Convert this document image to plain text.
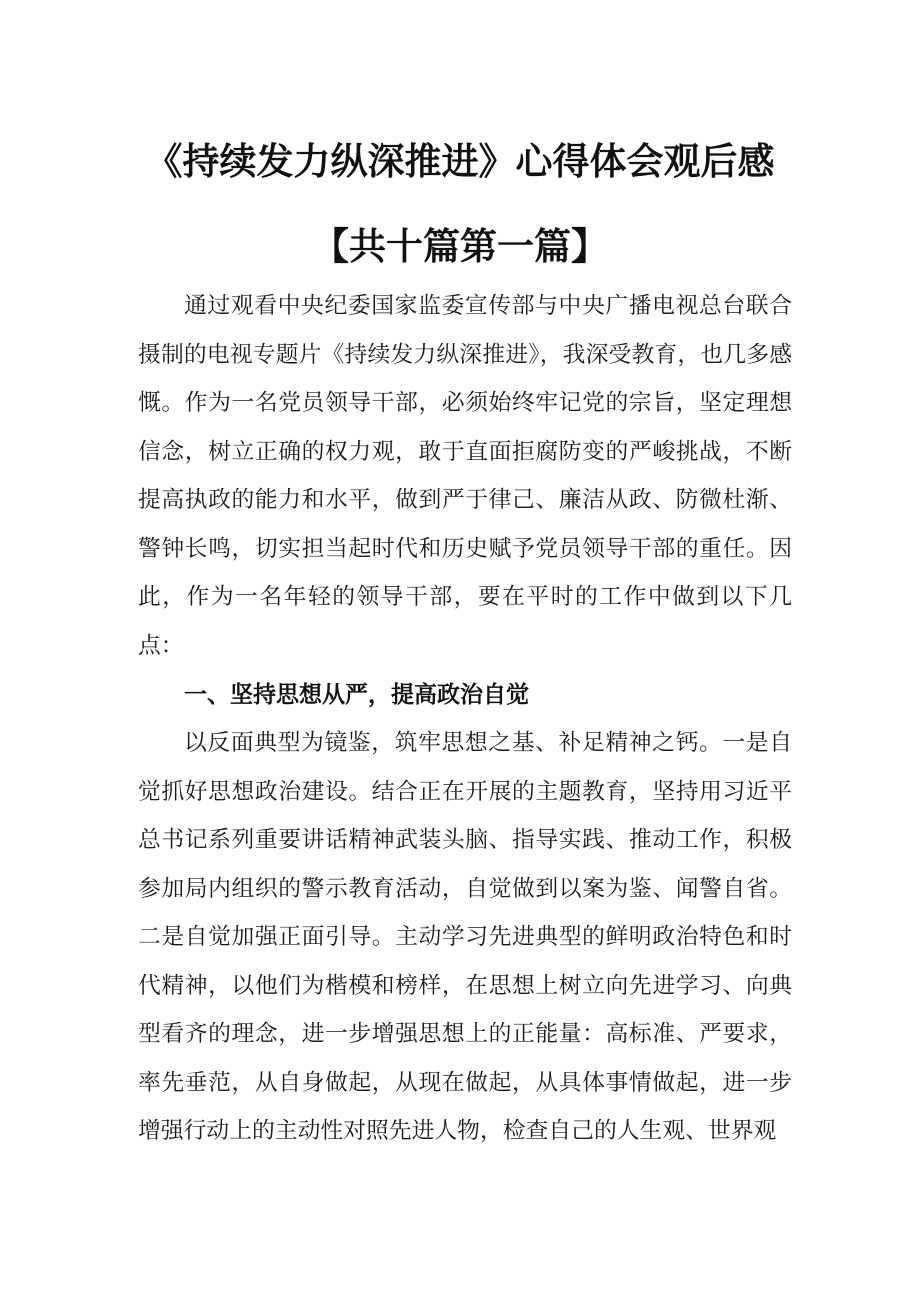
《持续发力纵深推进》心得体会观后感
【共十篇第一篇】

通过观看中央纪委国家监委宣传部与中央广播电视总台联合摄制的电视专题片《持续发力纵深推进》，我深受教育，也几多感慨。作为一名党员领导干部，必须始终牢记党的宗旨，坚定理想信念，树立正确的权力观，敢于直面拒腐防变的严峻挑战，不断提高执政的能力和水平，做到严于律己、廉洁从政、防微杜渐、警钟长鸣，切实担当起时代和历史赋予党员领导干部的重任。因此，作为一名年轻的领导干部，要在平时的工作中做到以下几点：

一、坚持思想从严，提高政治自觉

以反面典型为镜鉴，筑牢思想之基、补足精神之钙。一是自觉抓好思想政治建设。结合正在开展的主题教育，坚持用习近平总书记系列重要讲话精神武装头脑、指导实践、推动工作，积极参加局内组织的警示教育活动，自觉做到以案为鉴、闻警自省。二是自觉加强正面引导。主动学习先进典型的鲜明政治特色和时代精神，以他们为楷模和榜样，在思想上树立向先进学习、向典型看齐的理念，进一步增强思想上的正能量：高标准、严要求，率先垂范，从自身做起，从现在做起，从具体事情做起，进一步增强行动上的主动性对照先进人物，检查自己的人生观、世界观
